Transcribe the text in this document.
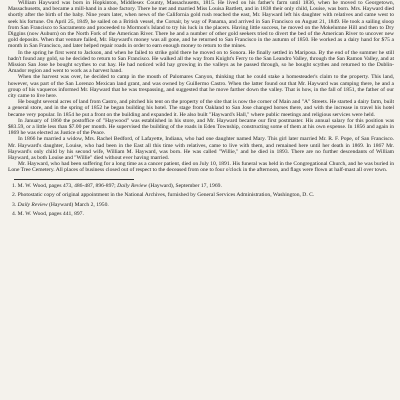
William Hayward was born in Hopkinton, Middlesex County, Massachusetts, 1815. He lived on his father's farm until 1836, when he moved to Georgetown, Massachusetts, and became a mill-hand in a shoe factory. There he met and married Miss Louisa Bartlett, and in 1838 their only child, Louise, was born. Mrs. Hayward died shortly after the birth of the baby. Nine years later, when news of the California gold rush reached the east, Mr. Hayward left his daughter with relatives and came west to seek his fortune. On April 25, 1849, he sailed on a British vessel, the Corsair, by way of Panama, and arrived in San Francisco on August 21, 1849. He took a sailing sloop from San Francisco to Sacramento and proceeded to Mormon's Island to try his luck in the placers. Having little success, he moved on the Mokelumne Hill and then to Dry Diggins (now Auburn) on the North Fork of the American River. There he and a number of other gold seekers tried to divert the bed of the American River to uncover new gold deposits. When that venture failed, Mr. Hayward's money was all gone, and he returned to San Francisco in the autumn of 1850. He worked as a dairy hand for $75 a month in San Francisco, and later helped repair roads in order to earn enough money to return to the mines.

In the spring he first went to Jackson, and when he failed to strike gold there he moved on to Sonora. He finally settled in Mariposa. By the end of the summer he still hadn't found any gold, so he decided to return to San Francisco. He walked all the way from Knight's Ferry to the San Leandro Valley, through the San Ramon Valley, and at Mission San Jose he bought scythes to cut hay. He had noticed wild hay growing in the valleys as he passed through, so he bought scythes and returned to the Dublin-Amador region and went to work as a harvest hand.

When the harvest was over, he decided to camp in the mouth of Palomares Canyon, thinking that he could stake a homesteader's claim to the property. This land, however, was part of the San Lorenzo Mexican land grant, and was owned by Guillermo Castro. When the latter found out that Mr. Hayward was camping there, he and a group of his vaqueros informed Mr. Hayward that he was trespassing, and suggested that he move farther down the valley. That is how, in the fall of 1851, the father of our city came to live here.

He bought several acres of land from Castro, and pitched his tent on the property of the site that is now the corner of Main and "A" Streets. He started a dairy farm, built a general store, and in the spring of 1852 he began building his hotel. The stage from Oakland to San Jose changed horses there, and with the increase in travel his hotel became very popular. In 1854 he put a front on the building and expanded it. He also built "Hayward's Hall," where public meetings and religious services were held.

In January of 1860 the postoffice of "Haywood" was established in his store, and Mr. Hayward became our first postmaster. His annual salary for this position was $83.59, or a little less than $7.00 per month. He supervised the building of the roads in Eden Township, constructing some of them at his own expense. In 1856 and again in 1869 he was elected as Justice of the Peace.

In 1866 he married a widow, Mrs. Rachel Bedford, of Lafayette, Indiana, who had one daughter named Mary. This girl later married Mr. R. F. Pope, of San Francisco. Mr. Hayward's daughter, Louise, who had been in the East all this time with relatives, came to live with them, and remained here until her death in 1869. In 1867 Mr. Hayward's only child by his second wife, William M. Hayward, was born. He was called "Willie," and he died in 1893. There are no further descendants of William Hayward, as both Louise and "Willie" died without ever having married.

Mr. Hayward, who had been suffering for a long time as a cancer patient, died on July 10, 1891. His funeral was held in the Congregational Church, and he was buried in Lone Tree Cemetery. All places of business closed out of respect to the deceased from one to four o'clock in the afternoon, and flags were flown at half-mast all over town.

1. M. W. Wood, pages 473, 486-487, 896-897; Daily Review (Hayward), September 17, 1969.
2. Photostatic copy of original appointment in the National Archives, furnished by General Services Administration, Washington, D. C.
3. Daily Review (Hayward) March 2, 1950.
4. M. W. Wood, pages 441, 897.
